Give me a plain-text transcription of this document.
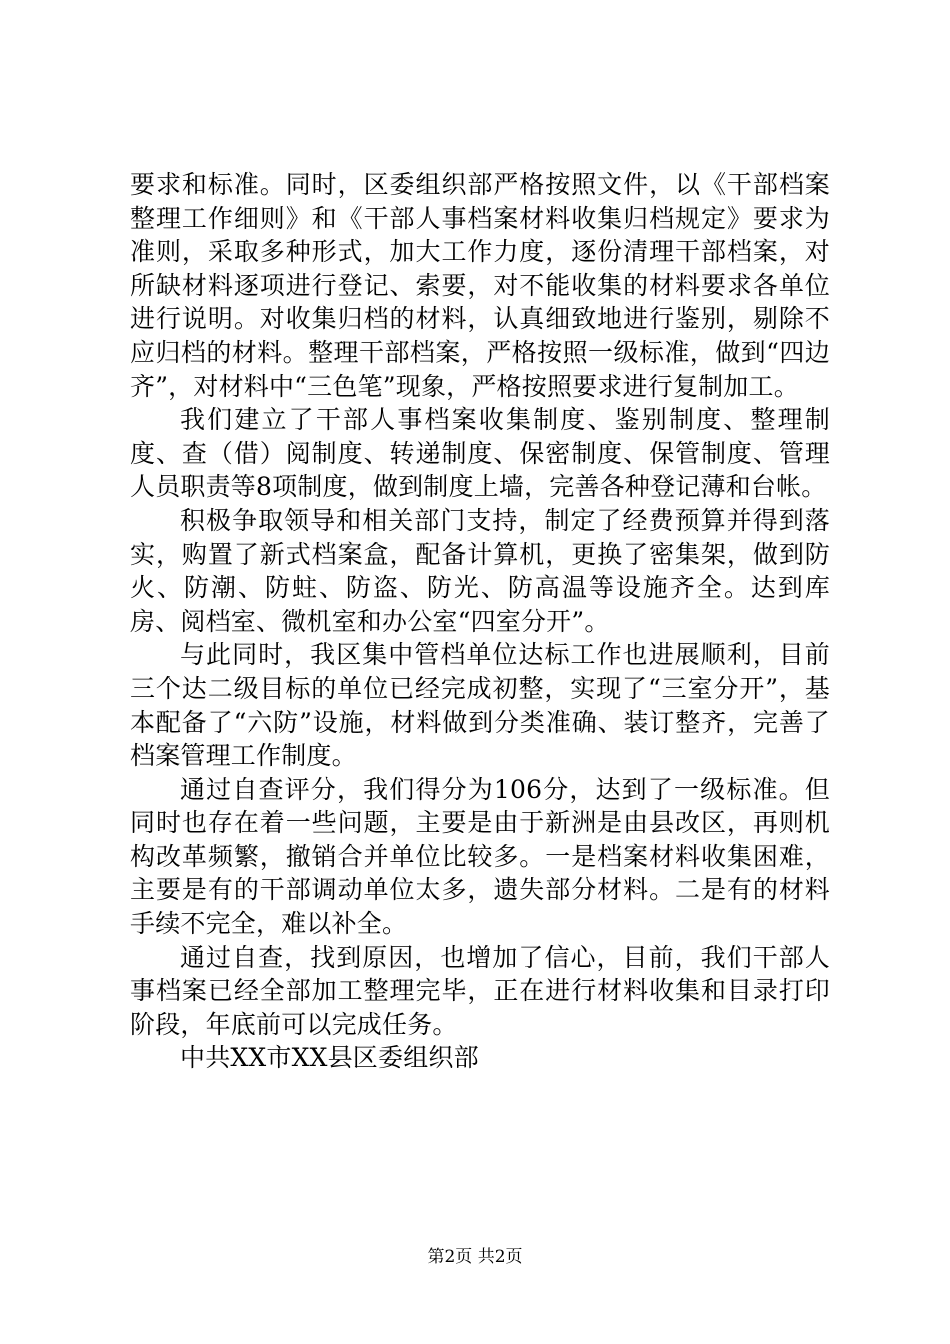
要求和标准。同时，区委组织部严格按照文件，以《干部档案整理工作细则》和《干部人事档案材料收集归档规定》要求为准则，采取多种形式，加大工作力度，逐份清理干部档案，对所缺材料逐项进行登记、索要，对不能收集的材料要求各单位进行说明。对收集归档的材料，认真细致地进行鉴别，剔除不应归档的材料。整理干部档案，严格按照一级标准，做到“四边齐”，对材料中“三色笔”现象，严格按照要求进行复制加工。

我们建立了干部人事档案收集制度、鉴别制度、整理制度、查（借）阅制度、转递制度、保密制度、保管制度、管理人员职责等8项制度，做到制度上墙，完善各种登记薄和台帐。

积极争取领导和相关部门支持，制定了经费预算并得到落实，购置了新式档案盒，配备计算机，更换了密集架，做到防火、防潮、防蛀、防盗、防光、防高温等设施齐全。达到库房、阅档室、微机室和办公室“四室分开”。

与此同时，我区集中管档单位达标工作也进展顺利，目前三个达二级目标的单位已经完成初整，实现了“三室分开”，基本配备了“六防”设施，材料做到分类准确、装订整齐，完善了档案管理工作制度。

通过自查评分，我们得分为106分，达到了一级标准。但同时也存在着一些问题，主要是由于新洲是由县改区，再则机构改革频繁，撤销合并单位比较多。一是档案材料收集困难，主要是有的干部调动单位太多，遗失部分材料。二是有的材料手续不完全，难以补全。

通过自查，找到原因，也增加了信心，目前，我们干部人事档案已经全部加工整理完毕，正在进行材料收集和目录打印阶段，年底前可以完成任务。

中共XX市XX县区委组织部

第2页 共2页
